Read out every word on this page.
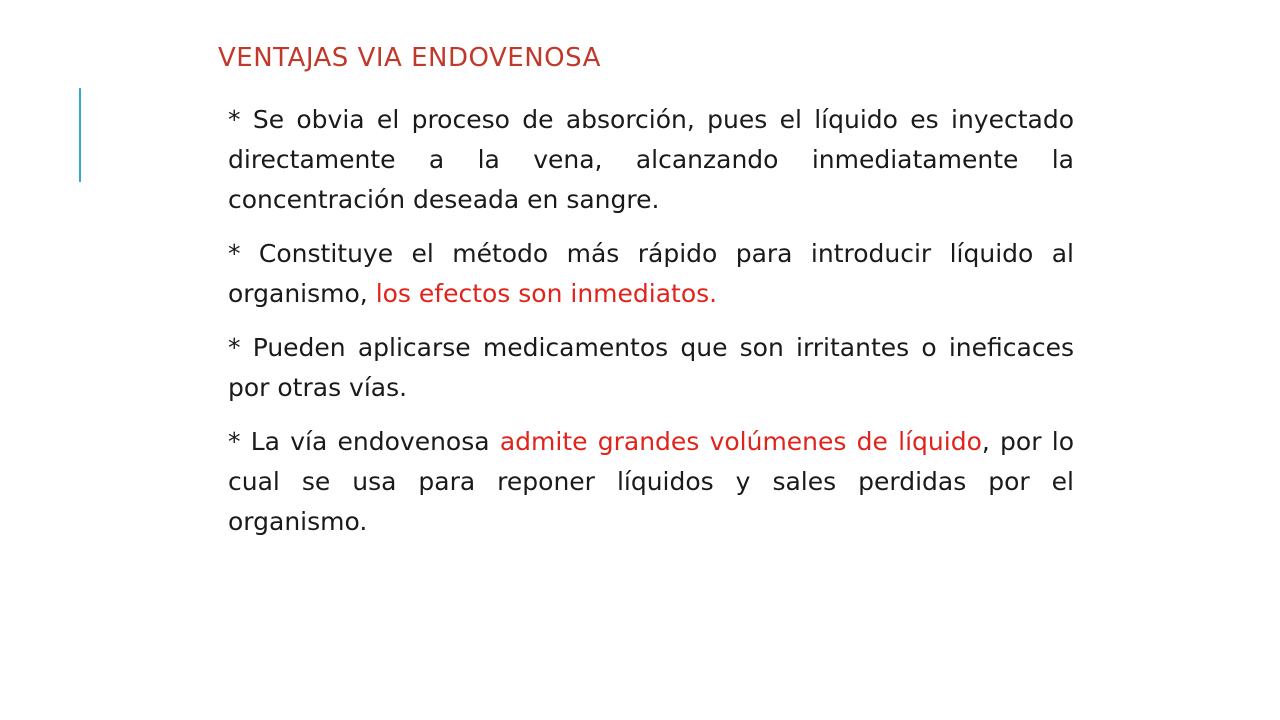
VENTAJAS VIA ENDOVENOSA

* Se obvia el proceso de absorción, pues el líquido es inyectado directamente a la vena, alcanzando inmediatamente la concentración deseada en sangre.

* Constituye el método más rápido para introducir líquido al organismo, los efectos son inmediatos.

* Pueden aplicarse medicamentos que son irritantes o ineficaces por otras vías.

* La vía endovenosa admite grandes volúmenes de líquido, por lo cual se usa para reponer líquidos y sales perdidas por el organismo.
